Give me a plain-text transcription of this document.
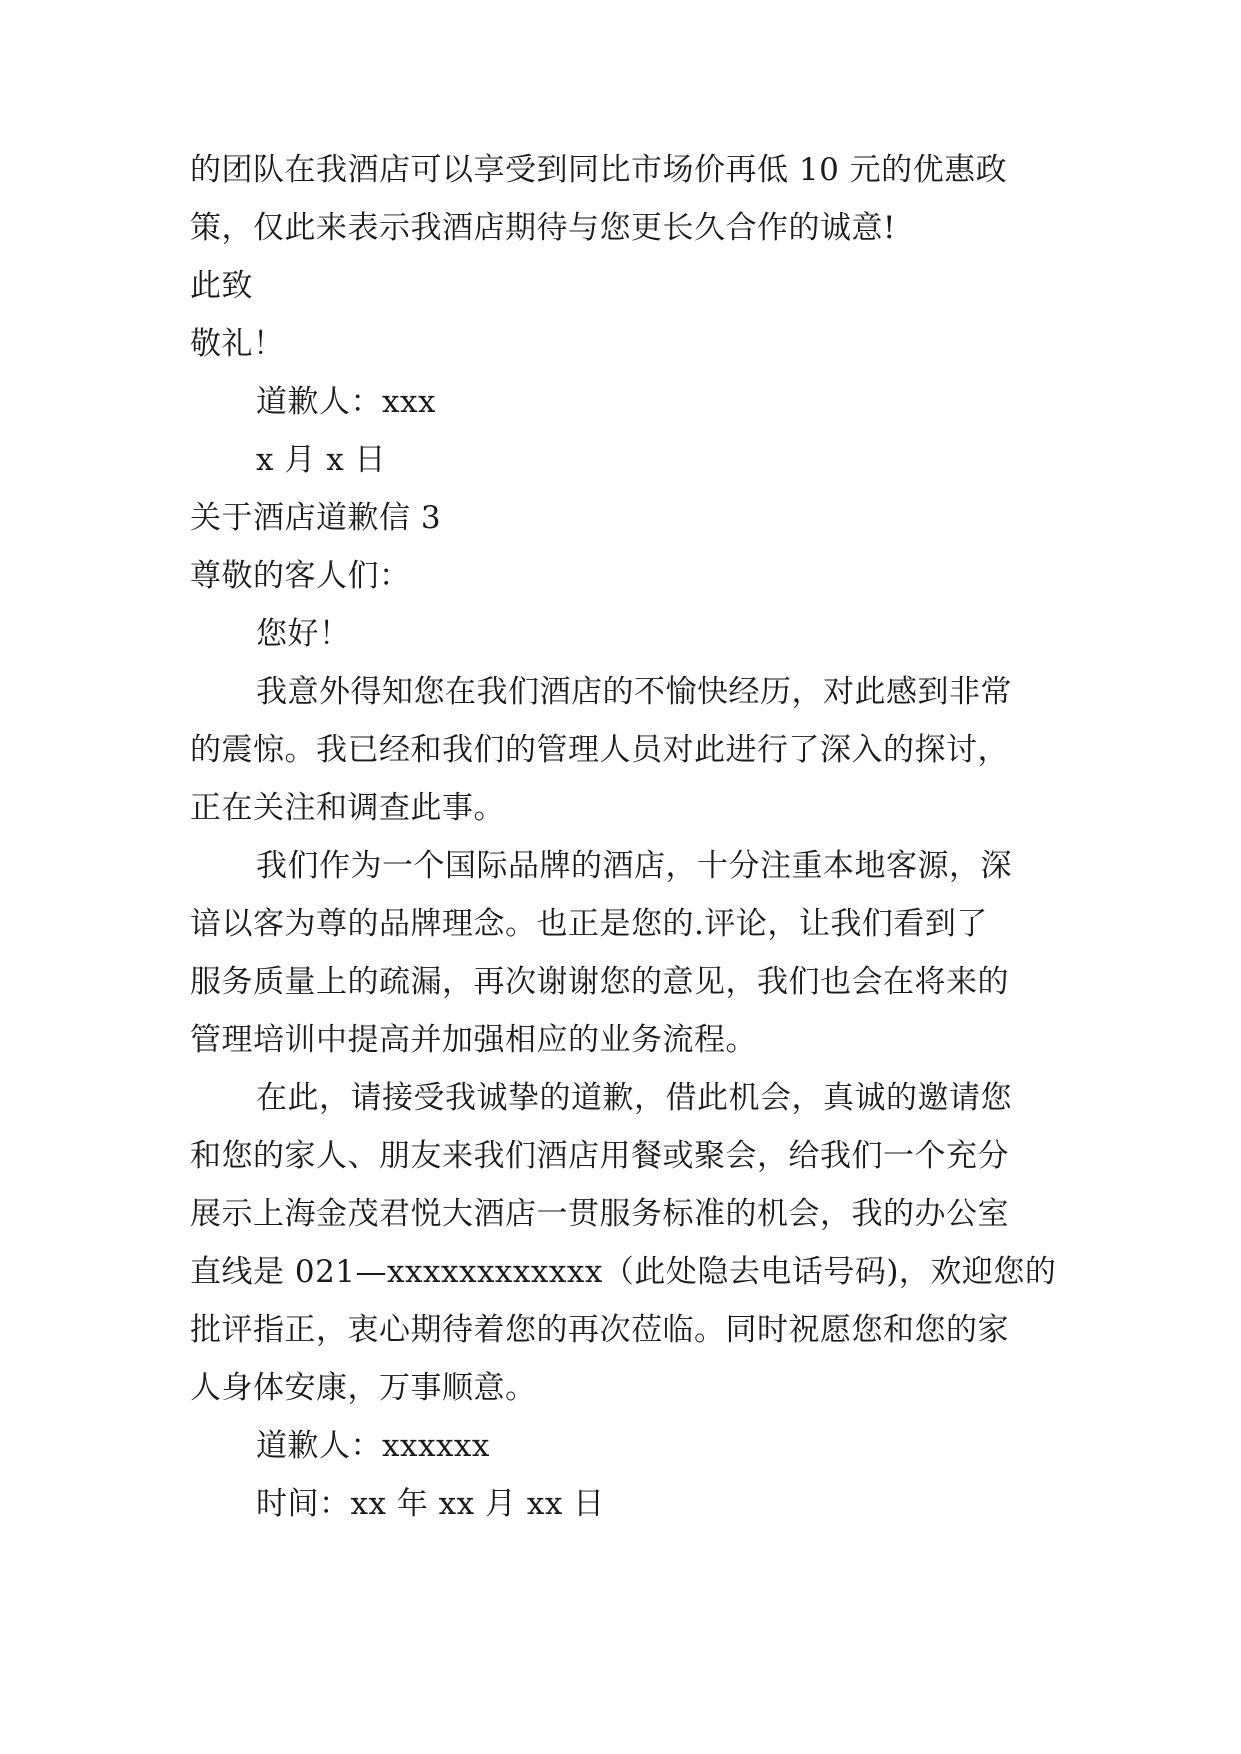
的团队在我酒店可以享受到同比市场价再低 10 元的优惠政
策，仅此来表示我酒店期待与您更长久合作的诚意!
此致
敬礼！
道歉人：xxx
x 月 x 日
关于酒店道歉信 3
尊敬的客人们：
您好！
我意外得知您在我们酒店的不愉快经历，对此感到非常
的震惊。我已经和我们的管理人员对此进行了深入的探讨，
正在关注和调查此事。
我们作为一个国际品牌的酒店，十分注重本地客源，深
谙以客为尊的品牌理念。也正是您的.评论，让我们看到了
服务质量上的疏漏，再次谢谢您的意见，我们也会在将来的
管理培训中提高并加强相应的业务流程。
在此，请接受我诚挚的道歉，借此机会，真诚的邀请您
和您的家人、朋友来我们酒店用餐或聚会，给我们一个充分
展示上海金茂君悦大酒店一贯服务标准的机会，我的办公室
直线是 021—xxxxxxxxxxxx（此处隐去电话号码)，欢迎您的
批评指正，衷心期待着您的再次莅临。同时祝愿您和您的家
人身体安康，万事顺意。
道歉人：xxxxxx
时间：xx 年 xx 月 xx 日
